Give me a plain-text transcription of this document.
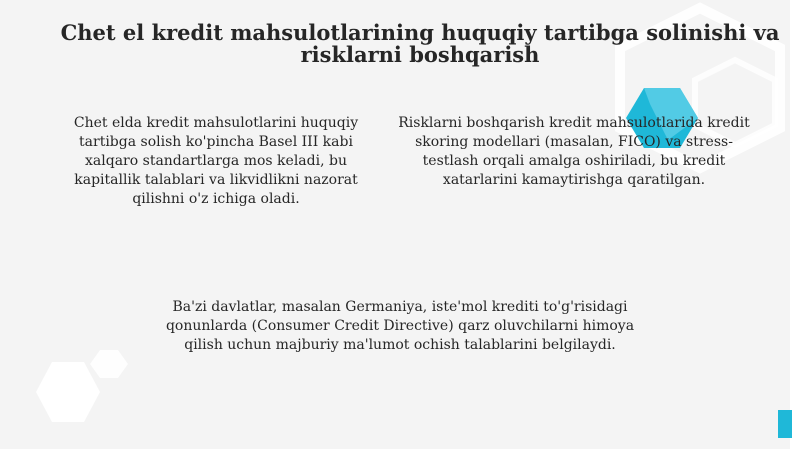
Chet el kredit mahsulotlarining huquqiy tartibga solinishi va risklarni boshqarish
Chet elda kredit mahsulotlarini huquqiy tartibga solish ko'pincha Basel III kabi xalqaro standartlarga mos keladi, bu kapitallik talablari va likvidlikni nazorat qilishni o'z ichiga oladi.
Risklarni boshqarish kredit mahsulotlarida kredit skoring modellari (masalan, FICO) va stress-testlash orqali amalga oshiriladi, bu kredit xatarlarini kamaytirishga qaratilgan.
Ba'zi davlatlar, masalan Germaniya, iste'mol krediti to'g'risidagi qonunlarda (Consumer Credit Directive) qarz oluvchilarni himoya qilish uchun majburiy ma'lumot ochish talablarini belgilaydi.
